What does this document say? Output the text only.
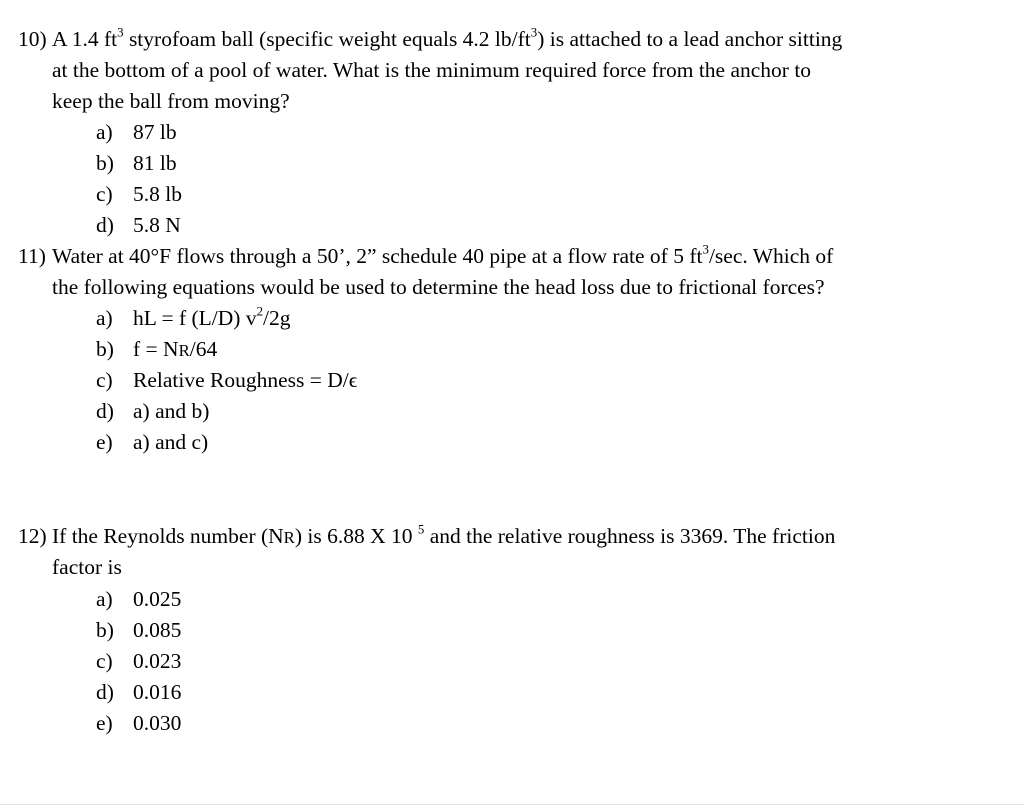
10) A 1.4 $ft^3$ styrofoam ball (specific weight equals 4.2 $lb/ft^3$) is attached to a lead anchor sitting
at the bottom of a pool of water. What is the minimum required force from the anchor to
keep the ball from moving?
a) 87 lb
b) 81 lb
c) 5.8 lb
d) 5.8 N
11) Water at 40°F flows through a 50’, 2” schedule 40 pipe at a flow rate of 5 $ft^3/\sec$. Which of
the following equations would be used to determine the head loss due to frictional forces?
a) hL = f (L/D) $v^2/2g$
b) f = NR/64
c) Relative Roughness = D/ϵ
d) a) and b)
e) a) and c)
12) If the Reynolds number (NR) is 6.88 X 10 $^5$ and the relative roughness is 3369. The friction
factor is
a) 0.025
b) 0.085
c) 0.023
d) 0.016
e) 0.030
